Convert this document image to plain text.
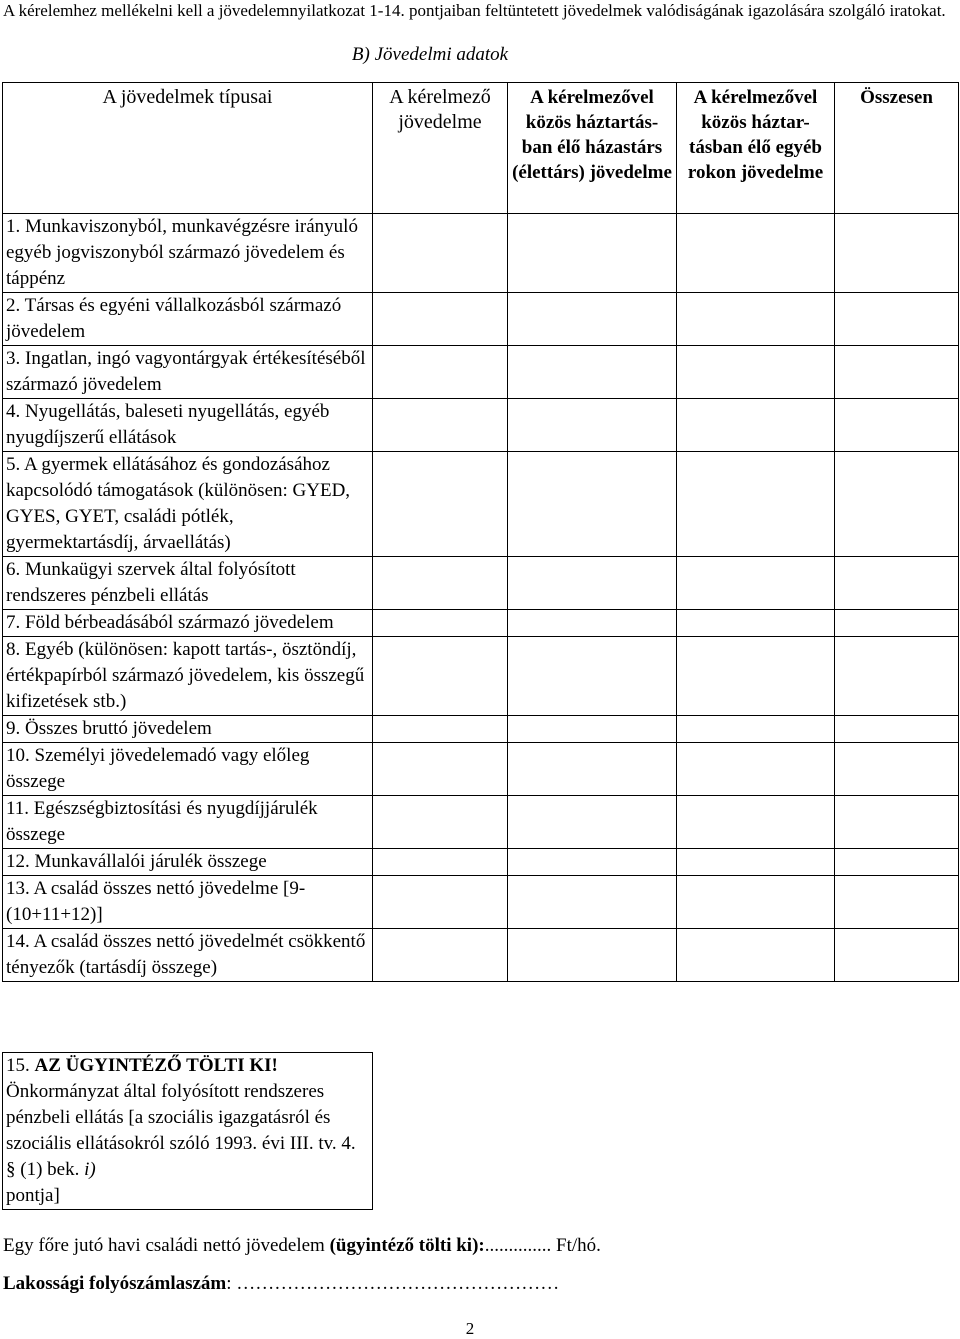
A kérelemhez mellékelni kell a jövedelemnyilatkozat 1-14. pontjaiban feltüntetett jövedelmek valódiságának igazolására szolgáló iratokat.
B) Jövedelmi adatok
A jövedelmek típusai	A kérelmező jövedelme	A kérelmezővel közös háztartás-ban élő házastárs (élettárs) jövedelme	A kérelmezővel közös háztar-tásban élő egyéb rokon jövedelme	Összesen
1. Munkaviszonyból, munkavégzésre irányuló egyéb jogviszonyból származó jövedelem és táppénz				
2. Társas és egyéni vállalkozásból származó jövedelem				
3. Ingatlan, ingó vagyontárgyak értékesítéséből származó jövedelem				
4. Nyugellátás, baleseti nyugellátás, egyéb nyugdíjszerű ellátások				
5. A gyermek ellátásához és gondozásához kapcsolódó támogatások (különösen: GYED, GYES, GYET, családi pótlék, gyermektartásdíj, árvaellátás)				
6. Munkaügyi szervek által folyósított rendszeres pénzbeli ellátás				
7. Föld bérbeadásából származó jövedelem				
8. Egyéb (különösen: kapott tartás-, ösztöndíj, értékpapírból származó jövedelem, kis összegű kifizetések stb.)				
9. Összes bruttó jövedelem				
10. Személyi jövedelemadó vagy előleg összege				
11. Egészségbiztosítási és nyugdíjjárulék összege				
12. Munkavállalói járulék összege				
13. A család összes nettó jövedelme [9-(10+11+12)]				
14. A család összes nettó jövedelmét csökkentő tényezők (tartásdíj összege)				
15. AZ ÜGYINTÉZŐ TÖLTI KI!
Önkormányzat által folyósított rendszeres pénzbeli ellátás [a szociális igazgatásról és szociális ellátásokról szóló 1993. évi III. tv. 4. § (1) bek. i)
pontja]
Egy főre jutó havi családi nettó jövedelem (ügyintéző tölti ki):.............. Ft/hó.
Lakossági folyószámlaszám: ……………………………………………
2
